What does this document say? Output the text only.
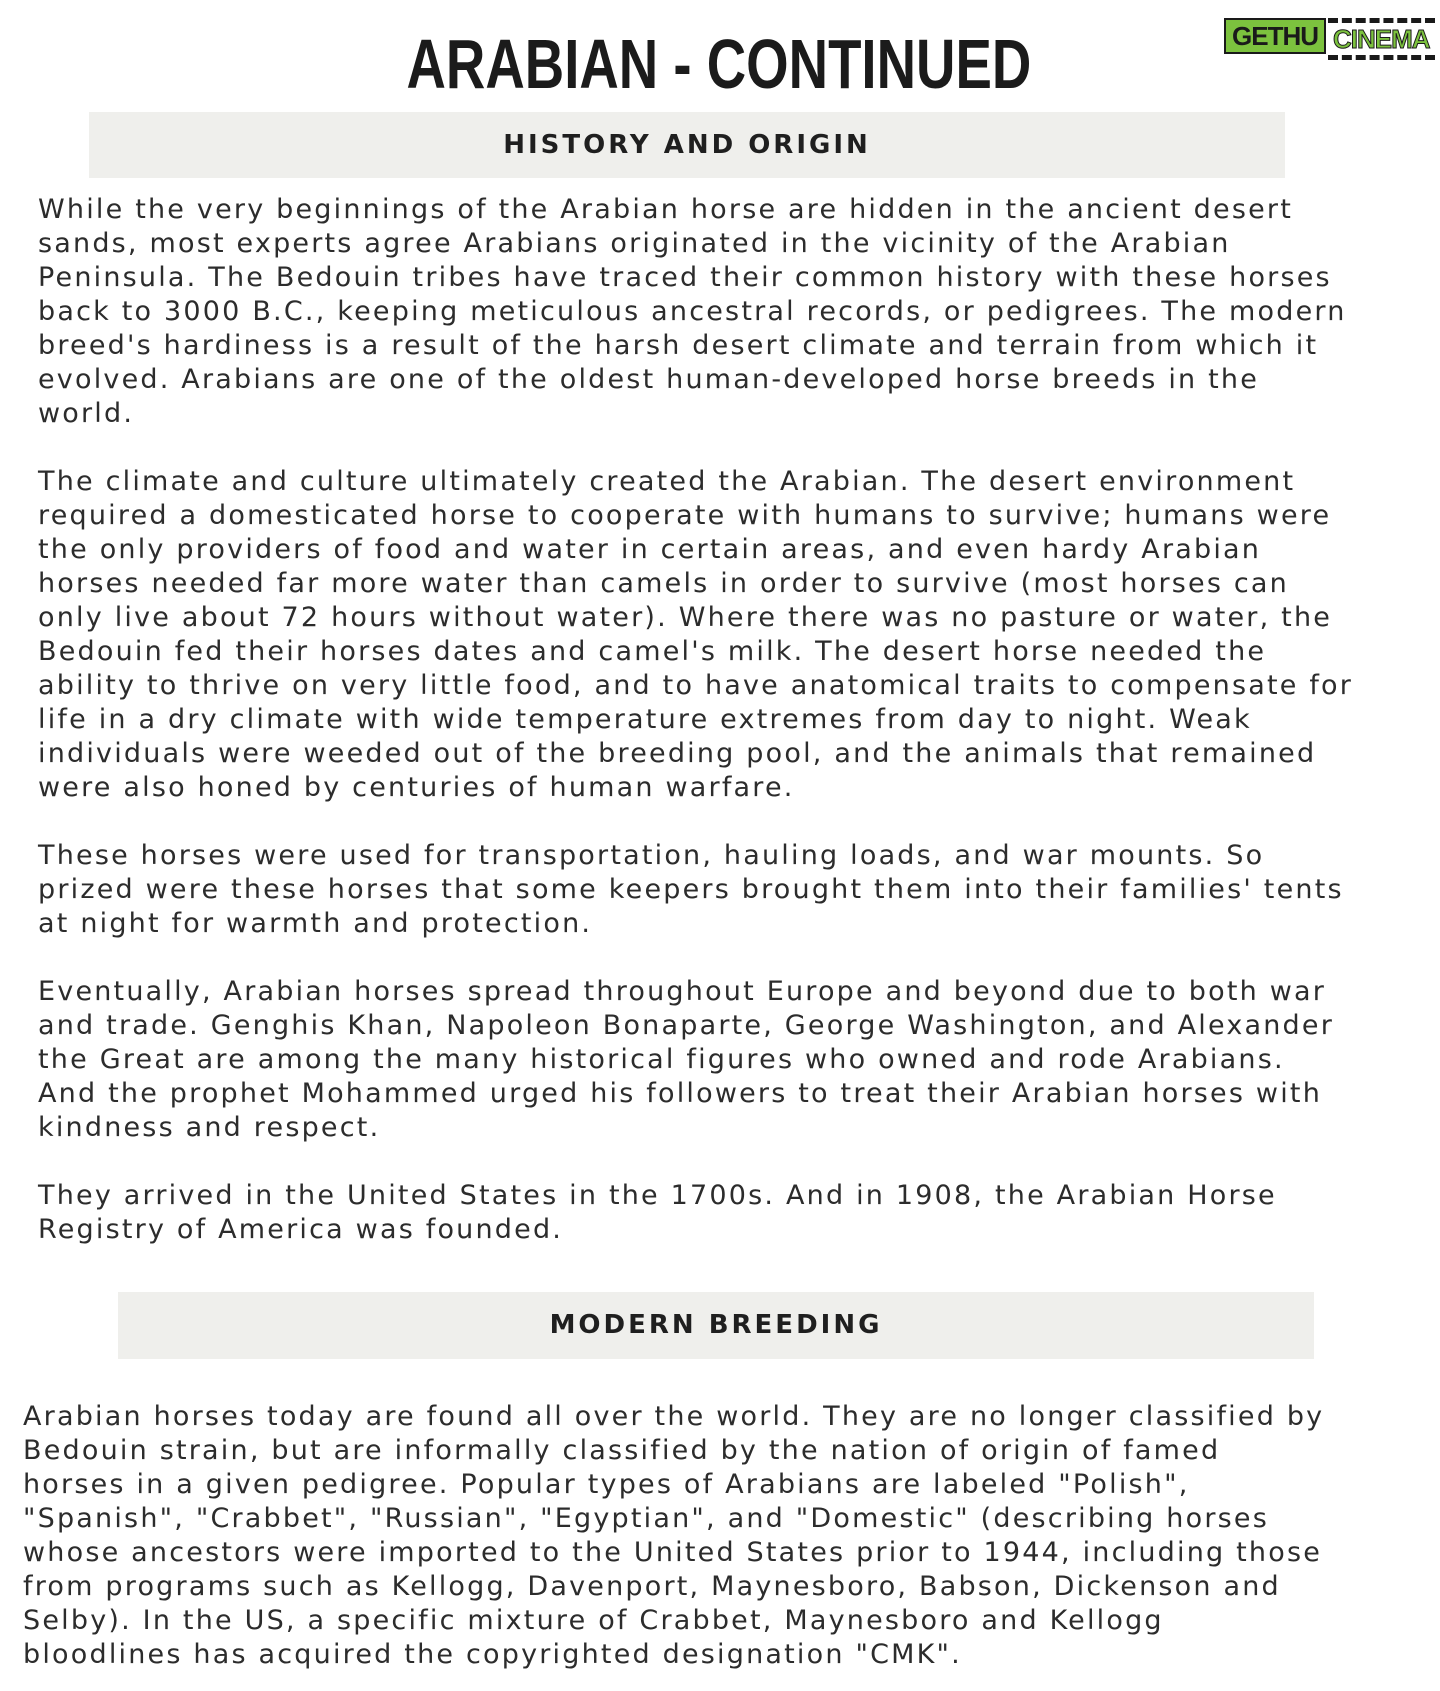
ARABIAN - CONTINUED	GETHU CINEMA
HISTORY AND ORIGIN

While the very beginnings of the Arabian horse are hidden in the ancient desert
sands, most experts agree Arabians originated in the vicinity of the Arabian
Peninsula. The Bedouin tribes have traced their common history with these horses
back to 3000 B.C., keeping meticulous ancestral records, or pedigrees. The modern
breed's hardiness is a result of the harsh desert climate and terrain from which it
evolved. Arabians are one of the oldest human-developed horse breeds in the
world.

The climate and culture ultimately created the Arabian. The desert environment
required a domesticated horse to cooperate with humans to survive; humans were
the only providers of food and water in certain areas, and even hardy Arabian
horses needed far more water than camels in order to survive (most horses can
only live about 72 hours without water). Where there was no pasture or water, the
Bedouin fed their horses dates and camel's milk. The desert horse needed the
ability to thrive on very little food, and to have anatomical traits to compensate for
life in a dry climate with wide temperature extremes from day to night. Weak
individuals were weeded out of the breeding pool, and the animals that remained
were also honed by centuries of human warfare.

These horses were used for transportation, hauling loads, and war mounts. So
prized were these horses that some keepers brought them into their families' tents
at night for warmth and protection.

Eventually, Arabian horses spread throughout Europe and beyond due to both war
and trade. Genghis Khan, Napoleon Bonaparte, George Washington, and Alexander
the Great are among the many historical figures who owned and rode Arabians.
And the prophet Mohammed urged his followers to treat their Arabian horses with
kindness and respect.

They arrived in the United States in the 1700s. And in 1908, the Arabian Horse
Registry of America was founded.

MODERN BREEDING

Arabian horses today are found all over the world. They are no longer classified by
Bedouin strain, but are informally classified by the nation of origin of famed
horses in a given pedigree. Popular types of Arabians are labeled "Polish",
"Spanish", "Crabbet", "Russian", "Egyptian", and "Domestic" (describing horses
whose ancestors were imported to the United States prior to 1944, including those
from programs such as Kellogg, Davenport, Maynesboro, Babson, Dickenson and
Selby). In the US, a specific mixture of Crabbet, Maynesboro and Kellogg
bloodlines has acquired the copyrighted designation "CMK".
